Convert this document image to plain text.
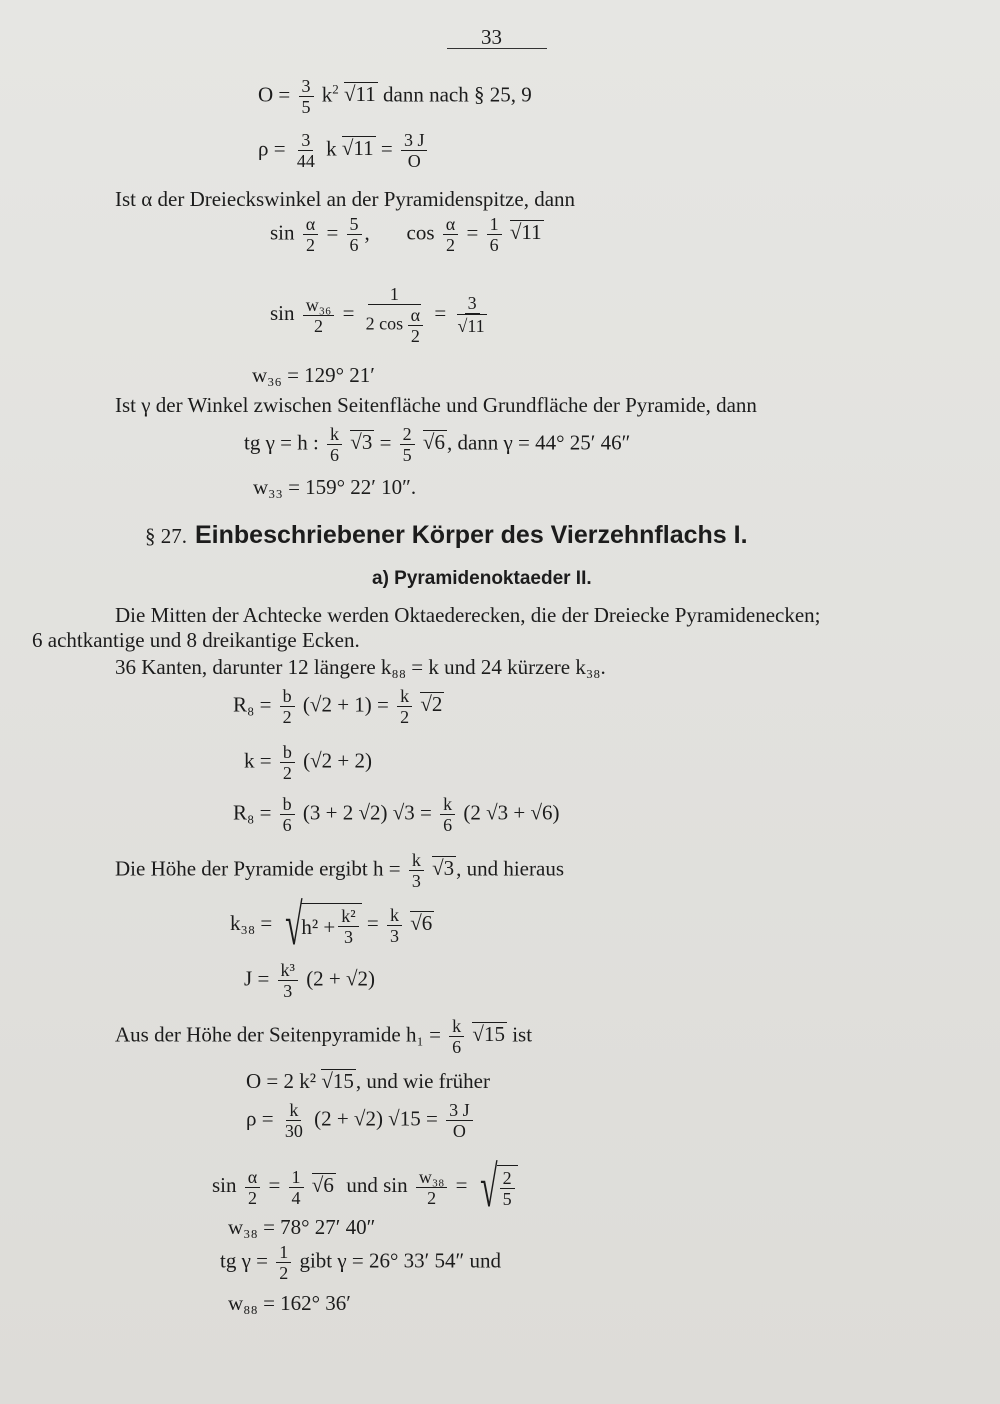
33
$O = \frac{3}{5} k^2$ √ 11 dann nach § 25, 9
$\rho = \frac{3}{44}$ k √ $11 = \frac{3 J}{O}$
Ist α der Dreieckswinkel an der Pyramidenspitze, dann
$\sin \frac{\alpha}{2} = \frac{5}{6}$ ,       $\cos \frac{\alpha}{2} = \frac{1}{6}$ √ 11
$\sin \frac{\text{w₃₆}}{2} = \frac{1}{2 \cos \frac{\alpha}{2}} = 3$
√ 11
w₃₆ = 129° 21′
Ist γ der Winkel zwischen Seitenfläche und Grundfläche der Pyramide, dann
tg γ = h : $\frac{k}{6}$ √ $3 = \frac{2}{5}$ √ 6, dann γ = 44° 25′ 46″
w₃₃ = 159° 22′ 10″.
§ 27. Einbeschriebener Körper des Vierzehnflachs I.
a) Pyramidenoktaeder II.
Die Mitten der Achtecke werden Oktaederecken, die der Dreiecke Pyramidenecken;
6 achtkantige und 8 dreikantige Ecken.
36 Kanten, darunter 12 längere k₈₈ = k und 24 kürzere k₃₈.
$R_8 = \frac{b}{2} (√2 + 1) = \frac{k}{2}$ √ 2
$k = \frac{b}{2} (√2 + 2)$
$R_8 = \frac{b}{6} (3 + 2$ √2) $√3 = \frac{k}{6} (2$ √3 + √6)
Die Höhe der Pyramide ergibt $h = \frac{k}{3}$ √ 3, und hieraus
k₃₈ = √ $h^2 + \frac{\text{k²}}{3} = \frac{k}{3}$ √ 6
$J = \frac{\text{k³}}{3} (2 + √2)$
Aus der Höhe der Seitenpyramide $h_1 = \frac{k}{6}$ √ 15 ist
O = 2 k² √ 15, und wie früher
$\rho = \frac{k}{30} (2 + √2) √15 = \frac{3 J}{O}$
$\sin \frac{\alpha}{2} = \frac{1}{4}$ √ 6 und $\sin \frac{\text{w₃₈}}{2}$ = √ $\frac{2}{5}$
w₃₈ = 78° 27′ 40″
tg $\gamma = \frac{1}{2}$ gibt γ = 26° 33′ 54″ und
w₈₈ = 162° 36′
